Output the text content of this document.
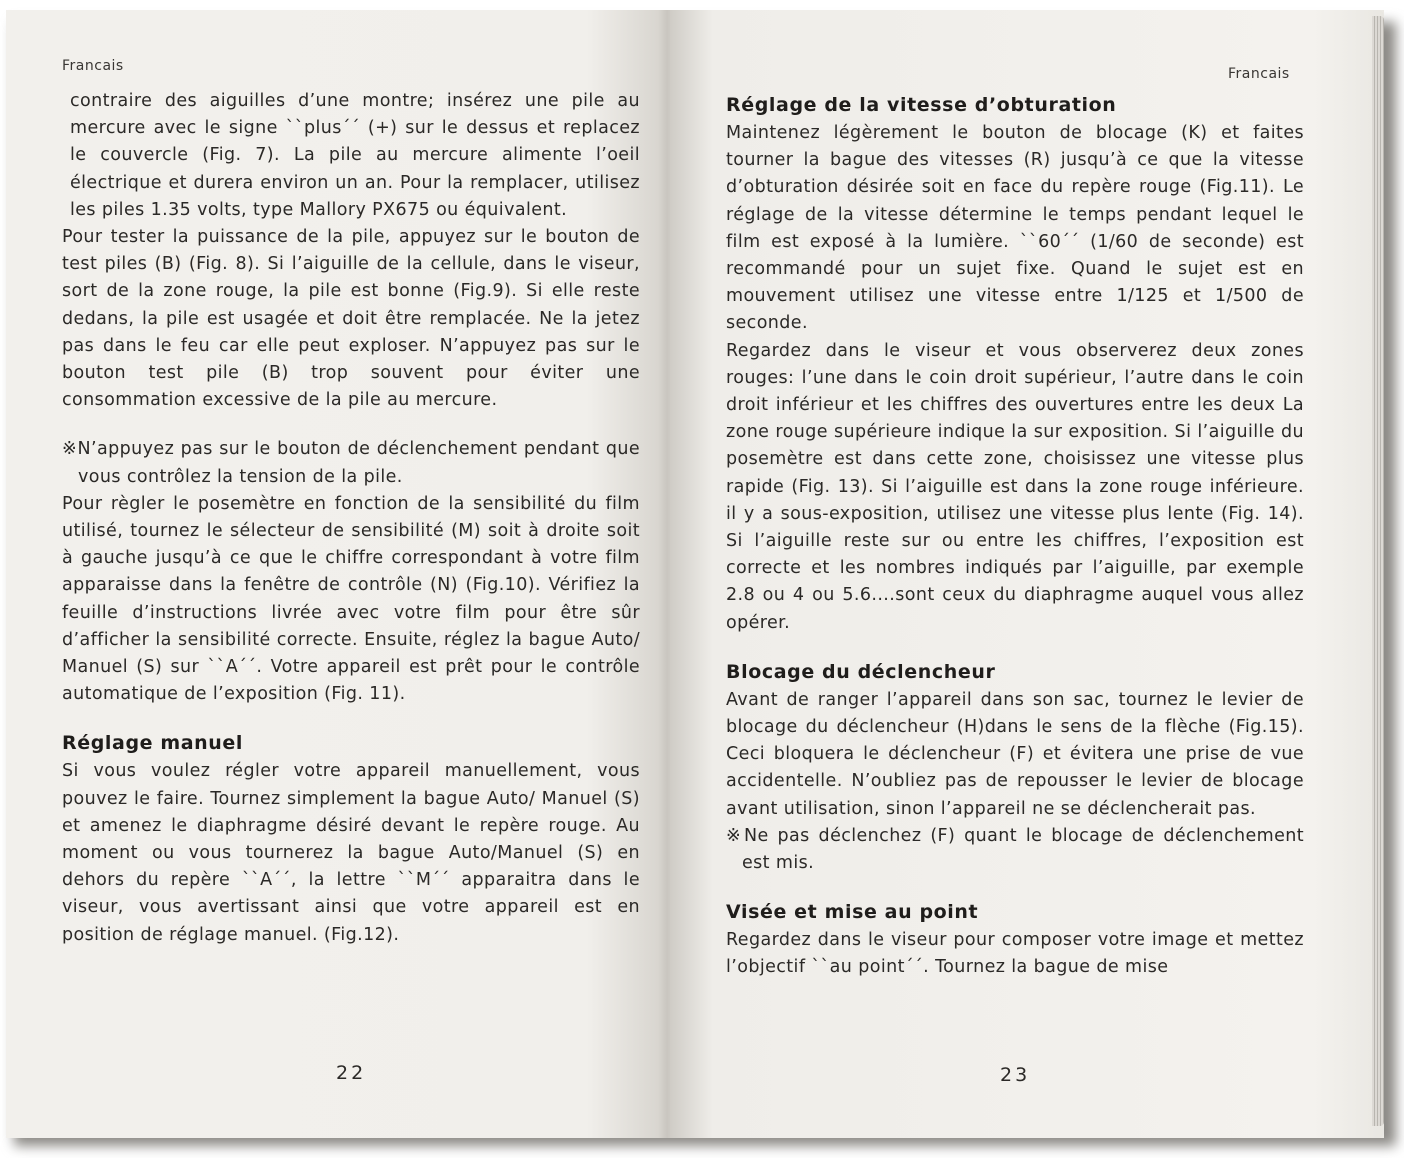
Francais

contraire des aiguilles d’une montre; insérez une pile au mercure avec le signe ``plus´´ (+) sur le dessus et replacez le couvercle (Fig. 7). La pile au mercure alimente l’oeil électrique et durera environ un an. Pour la remplacer, utilisez les piles 1.35 volts, type Mallory PX675 ou équivalent.

Pour tester la puissance de la pile, appuyez sur le bouton de test piles (B) (Fig. 8). Si l’aiguille de la cellule, dans le viseur, sort de la zone rouge, la pile est bonne (Fig.9). Si elle reste dedans, la pile est usagée et doit être remplacée. Ne la jetez pas dans le feu car elle peut exploser. N’appuyez pas sur le bouton test pile (B) trop souvent pour éviter une consommation excessive de la pile au mercure.

※N’appuyez pas sur le bouton de déclenchement pendant que vous contrôlez la tension de la pile.

Pour règler le posemètre en fonction de la sensibilité du film utilisé, tournez le sélecteur de sensibilité (M) soit à droite soit à gauche jusqu’à ce que le chiffre correspondant à votre film apparaisse dans la fenêtre de contrôle (N) (Fig.10). Vérifiez la feuille d’instructions livrée avec votre film pour être sûr d’afficher la sensibilité correcte. Ensuite, réglez la bague Auto/ Manuel (S) sur ``A´´. Votre appareil est prêt pour le contrôle automatique de l’exposition (Fig. 11).

Réglage manuel

Si vous voulez régler votre appareil manuellement, vous pouvez le faire. Tournez simplement la bague Auto/ Manuel (S) et amenez le diaphragme désiré devant le repère rouge. Au moment ou vous tournerez la bague Auto/Manuel (S) en dehors du repère ``A´´, la lettre ``M´´ apparaitra dans le viseur, vous avertissant ainsi que votre appareil est en position de réglage manuel. (Fig.12).

22
Francais
Réglage de la vitesse d’obturation

Maintenez légèrement le bouton de blocage (K) et faites tourner la bague des vitesses (R) jusqu’à ce que la vitesse d’obturation désirée soit en face du repère rouge (Fig.11). Le réglage de la vitesse détermine le temps pendant lequel le film est exposé à la lumière. ``60´´ (1/60 de seconde) est recommandé pour un sujet fixe. Quand le sujet est en mouvement utilisez une vitesse entre 1/125 et 1/500 de seconde.

Regardez dans le viseur et vous observerez deux zones rouges: l’une dans le coin droit supérieur, l’autre dans le coin droit inférieur et les chiffres des ouvertures entre les deux La zone rouge supérieure indique la sur exposition. Si l’aiguille du posemètre est dans cette zone, choisissez une vitesse plus rapide (Fig. 13). Si l’aiguille est dans la zone rouge inférieure. il y a sous-exposition, utilisez une vitesse plus lente (Fig. 14). Si l’aiguille reste sur ou entre les chiffres, l’exposition est correcte et les nombres indiqués par l’aiguille, par exemple 2.8 ou 4 ou 5.6....sont ceux du diaphragme auquel vous allez opérer.

Blocage du déclencheur

Avant de ranger l’appareil dans son sac, tournez le levier de blocage du déclencheur (H)dans le sens de la flèche (Fig.15). Ceci bloquera le déclencheur (F) et évitera une prise de vue accidentelle. N’oubliez pas de repousser le levier de blocage avant utilisation, sinon l’appareil ne se déclencherait pas.

※Ne pas déclenchez (F) quant le blocage de déclenchement est mis.

Visée et mise au point

Regardez dans le viseur pour composer votre image et mettez l’objectif ``au point´´. Tournez la bague de mise

23
